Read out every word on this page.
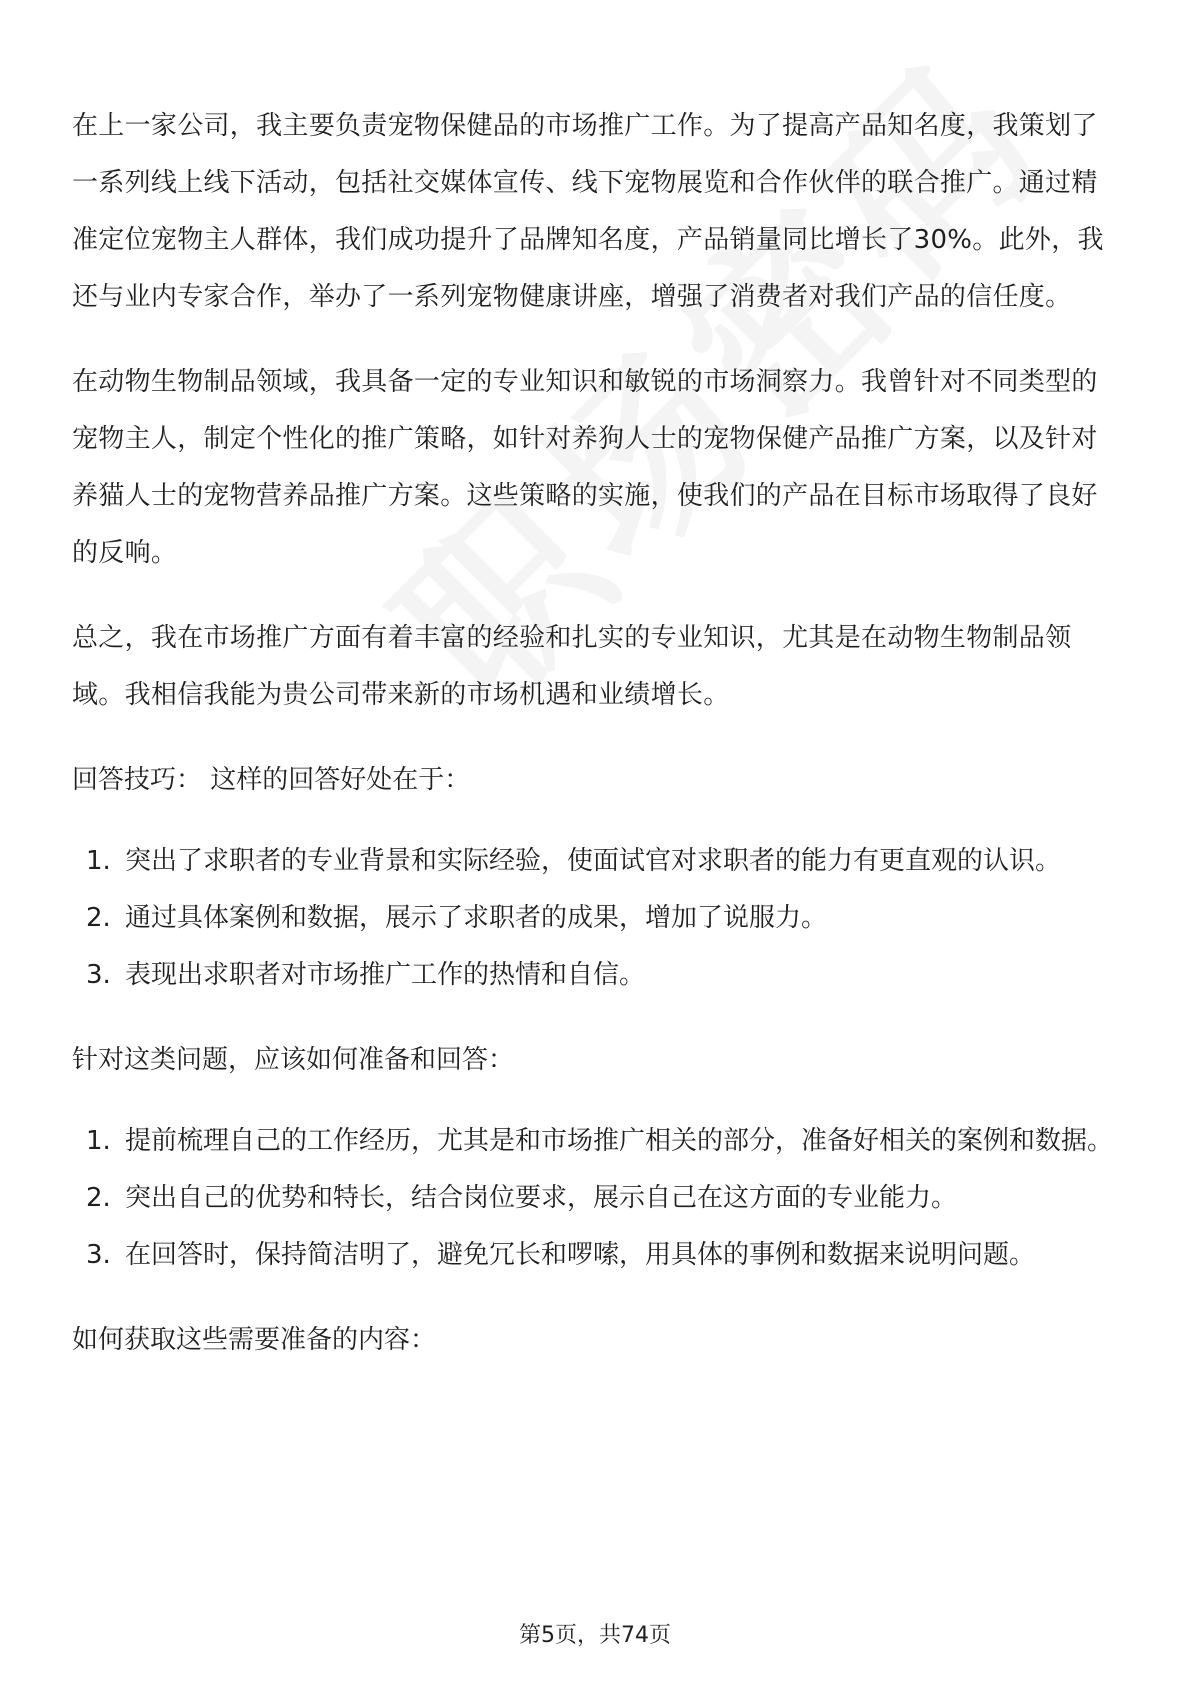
在上一家公司，我主要负责宠物保健品的市场推广工作。为了提高产品知名度，我策划了一系列线上线下活动，包括社交媒体宣传、线下宠物展览和合作伙伴的联合推广。通过精准定位宠物主人群体，我们成功提升了品牌知名度，产品销量同比增长了30%。此外，我还与业内专家合作，举办了一系列宠物健康讲座，增强了消费者对我们产品的信任度。

在动物生物制品领域，我具备一定的专业知识和敏锐的市场洞察力。我曾针对不同类型的宠物主人，制定个性化的推广策略，如针对养狗人士的宠物保健产品推广方案，以及针对养猫人士的宠物营养品推广方案。这些策略的实施，使我们的产品在目标市场取得了良好的反响。

总之，我在市场推广方面有着丰富的经验和扎实的专业知识，尤其是在动物生物制品领域。我相信我能为贵公司带来新的市场机遇和业绩增长。

回答技巧： 这样的回答好处在于：

1. 突出了求职者的专业背景和实际经验，使面试官对求职者的能力有更直观的认识。
2. 通过具体案例和数据，展示了求职者的成果，增加了说服力。
3. 表现出求职者对市场推广工作的热情和自信。

针对这类问题，应该如何准备和回答：

1. 提前梳理自己的工作经历，尤其是和市场推广相关的部分，准备好相关的案例和数据。
2. 突出自己的优势和特长，结合岗位要求，展示自己在这方面的专业能力。
3. 在回答时，保持简洁明了，避免冗长和啰嗦，用具体的事例和数据来说明问题。

如何获取这些需要准备的内容：

第5页，共74页
